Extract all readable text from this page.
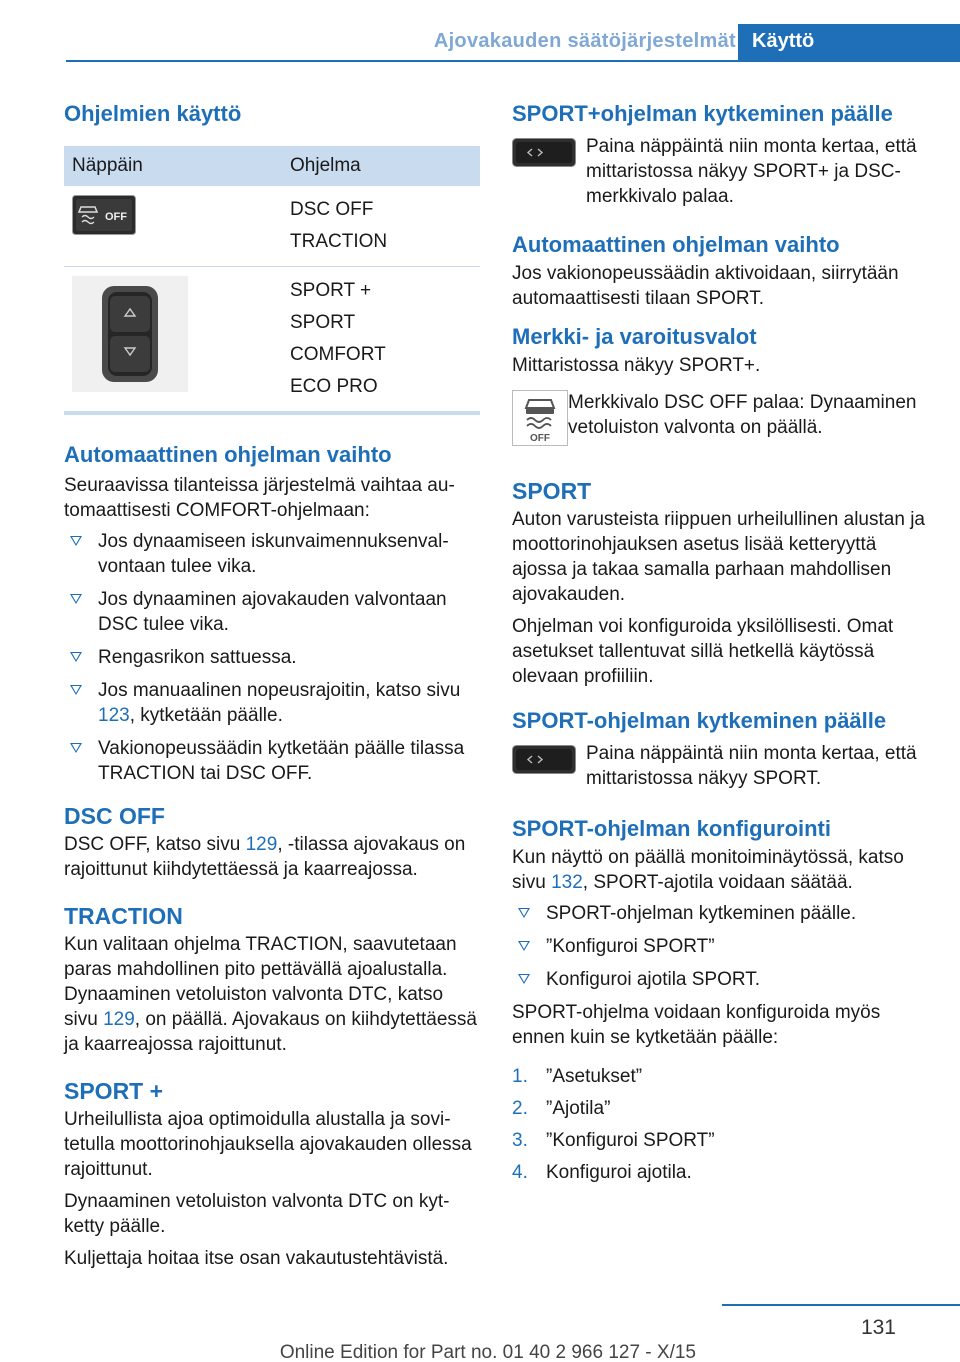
Ajovakauden säätöjärjestelmät Käyttö
Ohjelmien käyttö
Näppäin	Ohjelma
OFF	DSC OFF
TRACTION
SPORT +
SPORT
COMFORT
ECO PRO
Automaattinen ohjelman vaihto

Seuraavissa tilanteissa järjestelmä vaihtaa automaattisesti COMFORT-ohjelmaan:

Jos dynaamiseen iskunvaimennuksenvalvontaan tulee vika.
Jos dynaaminen ajovakauden valvontaan DSC tulee vika.
Rengasrikon sattuessa.
Jos manuaalinen nopeusrajoitin, katso sivu 123, kytketään päälle.
Vakionopeussäädin kytketään päälle tilassa TRACTION tai DSC OFF.
DSC OFF

DSC OFF, katso sivu 129, -tilassa ajovakaus on rajoittunut kiihdytettäessä ja kaarreajossa.

TRACTION

Kun valitaan ohjelma TRACTION, saavutetaan paras mahdollinen pito pettävällä ajoalustalla. Dynaaminen vetoluiston valvonta DTC, katso sivu 129, on päällä. Ajovakaus on kiihdytettäessä ja kaarreajossa rajoittunut.

SPORT +

Urheilullista ajoa optimoidulla alustalla ja sovitetulla moottorinohjauksella ajovakauden ollessa rajoittunut.

Dynaaminen vetoluiston valvonta DTC on kytketty päälle.

Kuljettaja hoitaa itse osan vakautustehtävistä.

SPORT+ohjelman kytkeminen päälle

Paina näppäintä niin monta kertaa, että mittaristossa näkyy SPORT+ ja DSC-merkkivalo palaa.

Automaattinen ohjelman vaihto

Jos vakionopeussäädin aktivoidaan, siirrytään automaattisesti tilaan SPORT.

Merkki- ja varoitusvalot

Mittaristossa näkyy SPORT+.

OFF

Merkkivalo DSC OFF palaa: Dynaaminen vetoluiston valvonta on päällä.

SPORT

Auton varusteista riippuen urheilullinen alustan ja moottorinohjauksen asetus lisää ketteryyttä ajossa ja takaa samalla parhaan mahdollisen ajovakauden.

Ohjelman voi konfiguroida yksilöllisesti. Omat asetukset tallentuvat sillä hetkellä käytössä olevaan profiiliin.

SPORT-ohjelman kytkeminen päälle

Paina näppäintä niin monta kertaa, että mittaristossa näkyy SPORT.

SPORT-ohjelman konfigurointi

Kun näyttö on päällä monitoiminäytössä, katso sivu 132, SPORT-ajotila voidaan säätää.

SPORT-ohjelman kytkeminen päälle.
”Konfiguroi SPORT”
Konfiguroi ajotila SPORT.

SPORT-ohjelma voidaan konfiguroida myös ennen kuin se kytketään päälle:

1. ”Asetukset”
2. ”Ajotila”
3. ”Konfiguroi SPORT”
4. Konfiguroi ajotila.
131
Online Edition for Part no. 01 40 2 966 127 - X/15
